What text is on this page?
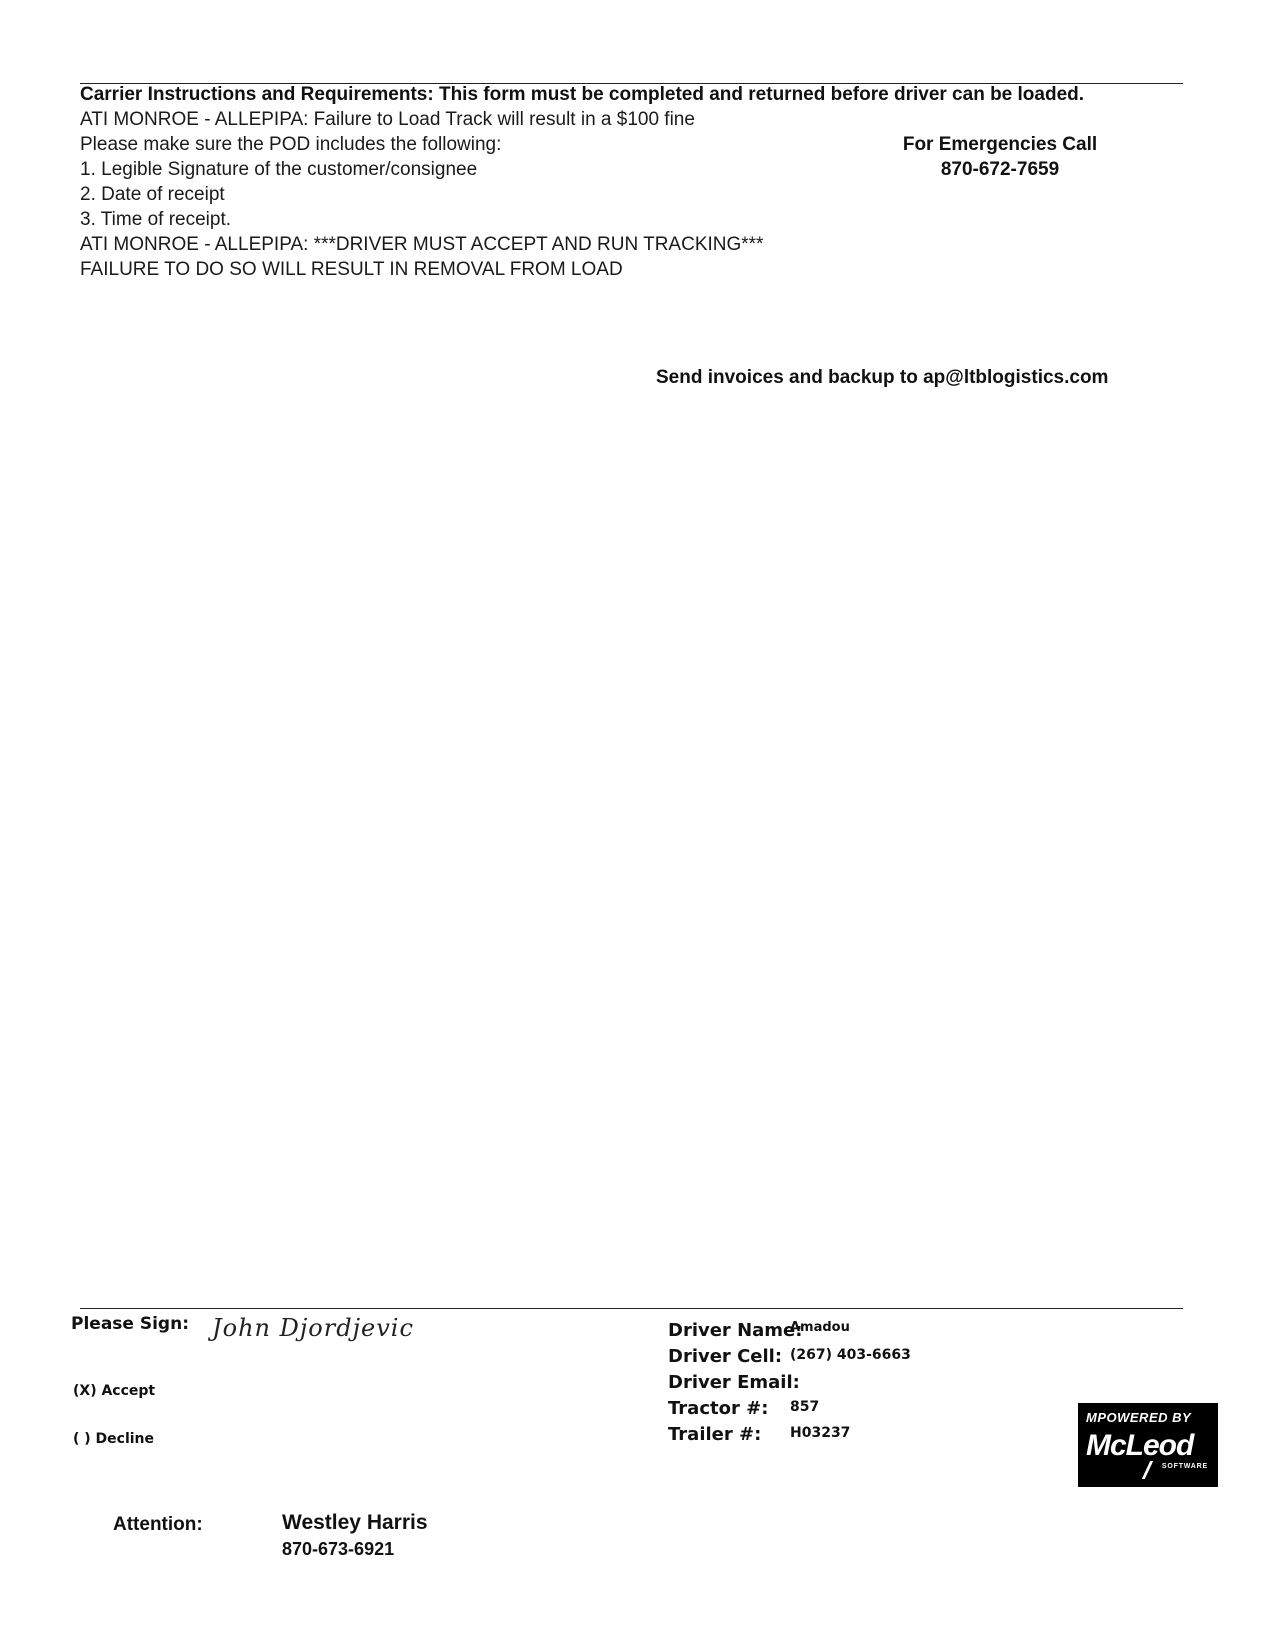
Carrier Instructions and Requirements: This form must be completed and returned before driver can be loaded.
ATI MONROE - ALLEPIPA: Failure to Load Track will result in a $100 fine
Please make sure the POD includes the following:
1. Legible Signature of the customer/consignee
2. Date of receipt
3. Time of receipt.
ATI MONROE - ALLEPIPA: ***DRIVER MUST ACCEPT AND RUN TRACKING***
FAILURE TO DO SO WILL RESULT IN REMOVAL FROM LOAD
For Emergencies Call
870-672-7659
Send invoices and backup to ap@ltblogistics.com
Please Sign: John Djordjevic
(X) Accept
( ) Decline
Driver Name:
Amadou
Driver Cell: (267) 403-6663
Driver Email:
Tractor #: 857
Trailer #: H03237
MPOWERED BY
McLeod
SOFTWARE
Attention:	Westley Harris
870-673-6921
